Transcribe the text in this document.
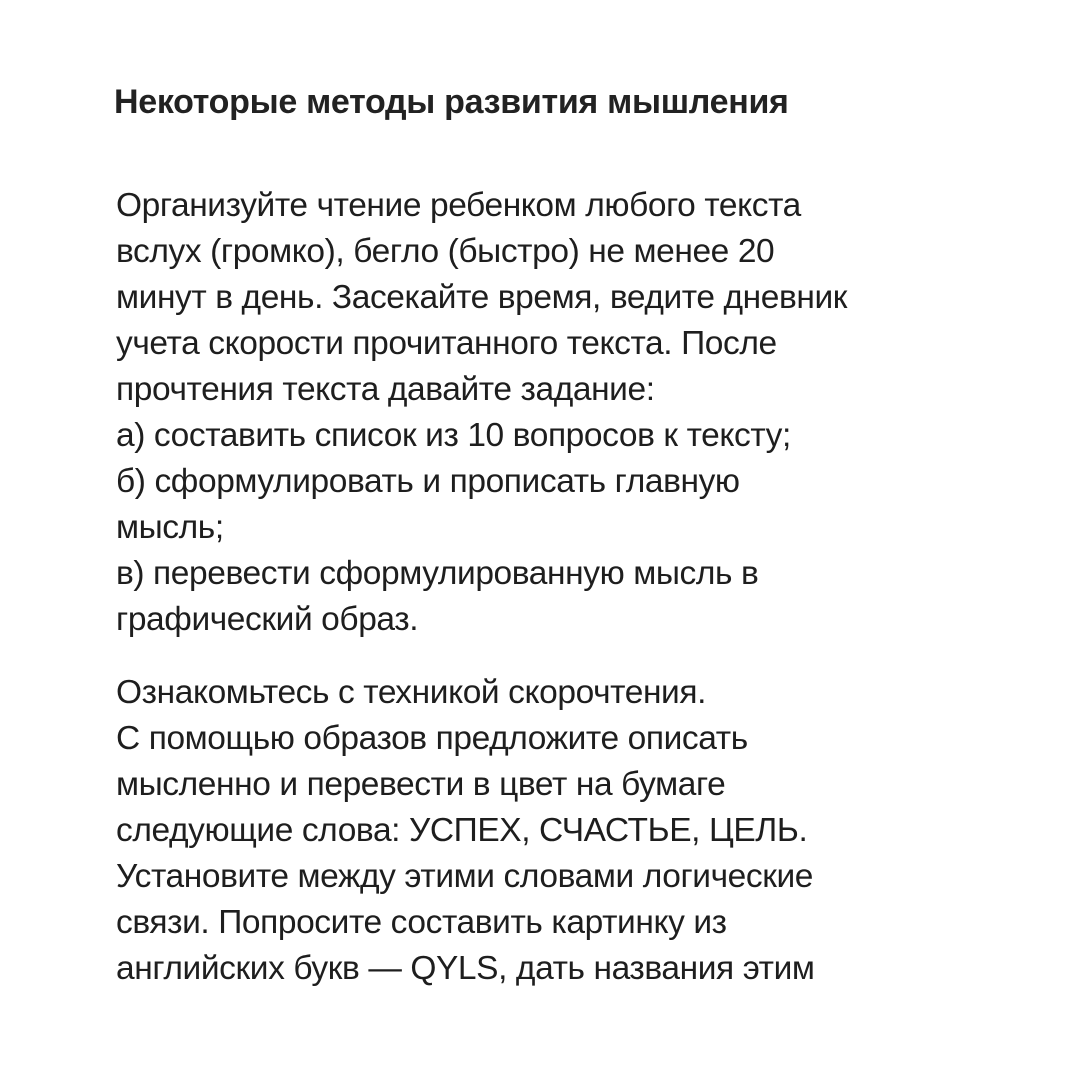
Некоторые методы развития мышления
Организуйте чтение ребенком любого текста
вслух (громко), бегло (быстро) не менее 20
минут в день. Засекайте время, ведите дневник
учета скорости прочитанного текста. После
прочтения текста давайте задание:
а) составить список из 10 вопросов к тексту;
б) сформулировать и прописать главную
мысль;
в) перевести сформулированную мысль в
графический образ.
Ознакомьтесь с техникой скорочтения.
С помощью образов предложите описать
мысленно и перевести в цвет на бумаге
следующие слова: УСПЕХ, СЧАСТЬЕ, ЦЕЛЬ.
Установите между этими словами логические
связи. Попросите составить картинку из
английских букв — QYLS, дать названия этим
